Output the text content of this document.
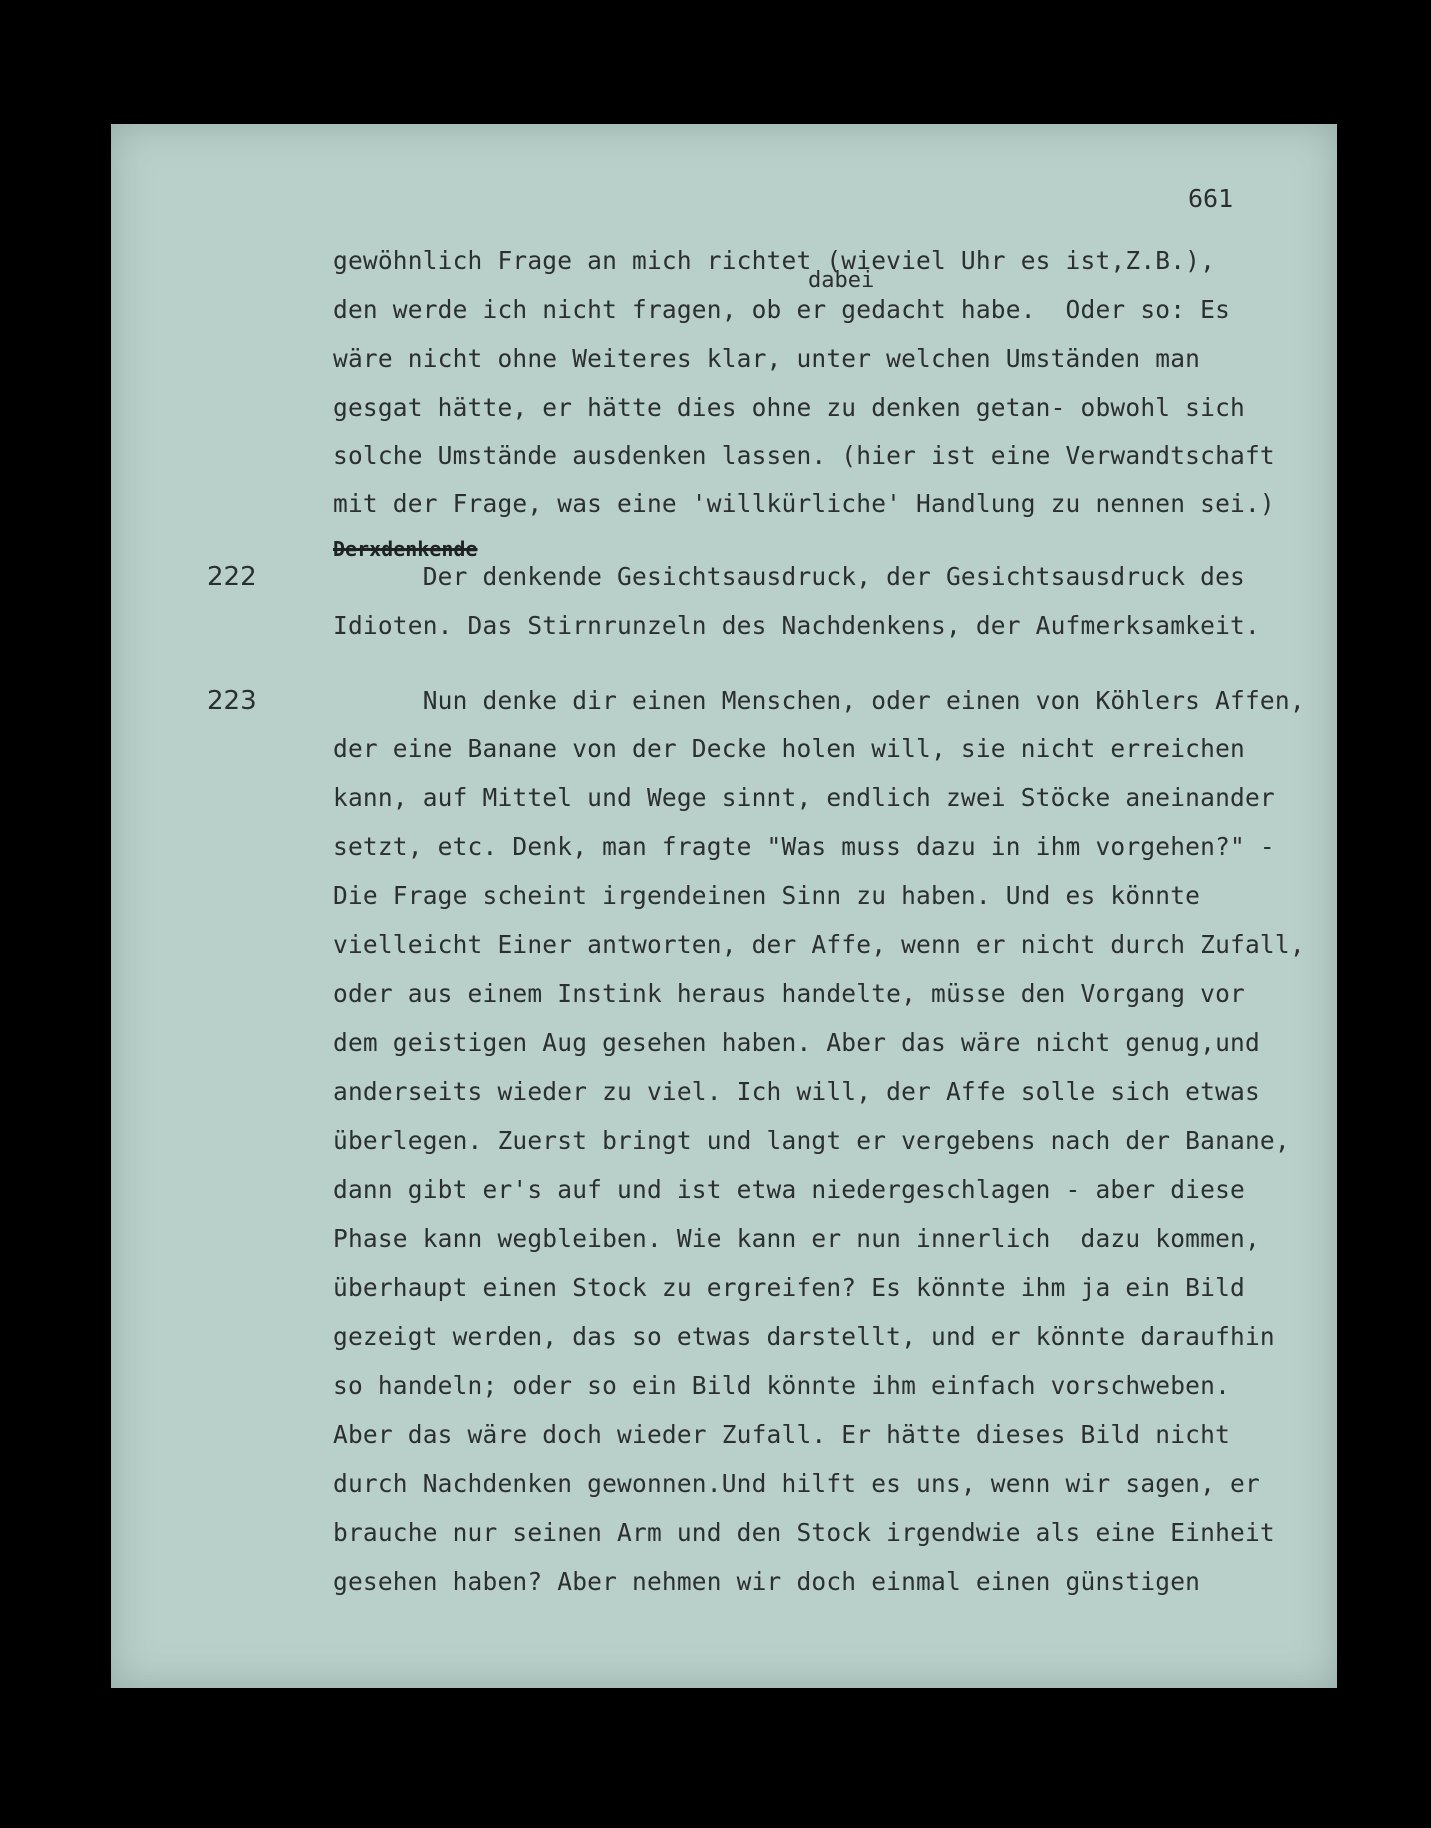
661
dabei
Derxdenkende
222
223
gewöhnlich Frage an mich richtet (wieviel Uhr es ist,Z.B.),
den werde ich nicht fragen, ob er gedacht habe.  Oder so: Es
wäre nicht ohne Weiteres klar, unter welchen Umständen man
gesgat hätte, er hätte dies ohne zu denken getan- obwohl sich
solche Umstände ausdenken lassen. (hier ist eine Verwandtschaft
mit der Frage, was eine 'willkürliche' Handlung zu nennen sei.)
Der denkende Gesichtsausdruck, der Gesichtsausdruck des
Idioten. Das Stirnrunzeln des Nachdenkens, der Aufmerksamkeit.
Nun denke dir einen Menschen, oder einen von Köhlers Affen,
der eine Banane von der Decke holen will, sie nicht erreichen
kann, auf Mittel und Wege sinnt, endlich zwei Stöcke aneinander
setzt, etc. Denk, man fragte "Was muss dazu in ihm vorgehen?" -
Die Frage scheint irgendeinen Sinn zu haben. Und es könnte
vielleicht Einer antworten, der Affe, wenn er nicht durch Zufall,
oder aus einem Instink heraus handelte, müsse den Vorgang vor
dem geistigen Aug gesehen haben. Aber das wäre nicht genug,und
anderseits wieder zu viel. Ich will, der Affe solle sich etwas
überlegen. Zuerst bringt und langt er vergebens nach der Banane,
dann gibt er's auf und ist etwa niedergeschlagen - aber diese
Phase kann wegbleiben. Wie kann er nun innerlich  dazu kommen,
überhaupt einen Stock zu ergreifen? Es könnte ihm ja ein Bild
gezeigt werden, das so etwas darstellt, und er könnte daraufhin
so handeln; oder so ein Bild könnte ihm einfach vorschweben.
Aber das wäre doch wieder Zufall. Er hätte dieses Bild nicht
durch Nachdenken gewonnen.Und hilft es uns, wenn wir sagen, er
brauche nur seinen Arm und den Stock irgendwie als eine Einheit
gesehen haben? Aber nehmen wir doch einmal einen günstigen
